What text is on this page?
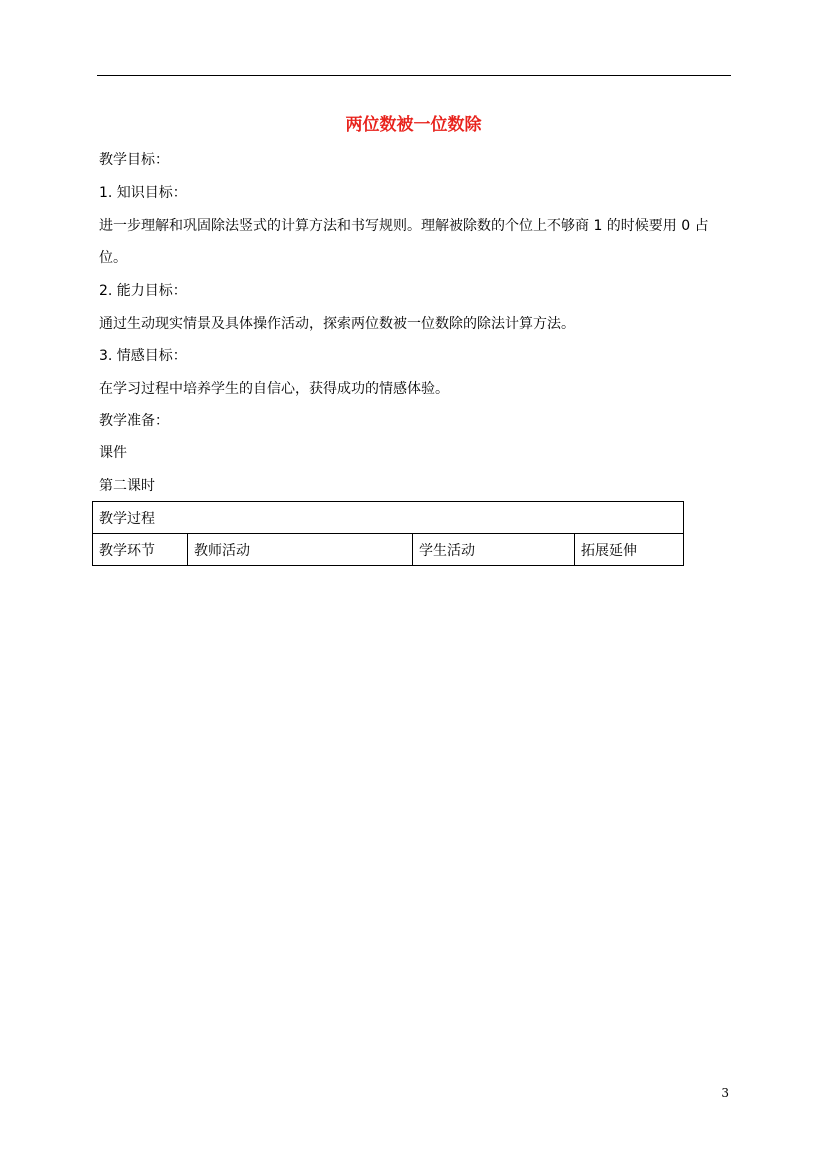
两位数被一位数除
教学目标：
1. 知识目标：
进一步理解和巩固除法竖式的计算方法和书写规则。理解被除数的个位上不够商 1 的时候要用 0 占位。
2. 能力目标：
通过生动现实情景及具体操作活动，探索两位数被一位数除的除法计算方法。
3. 情感目标：
在学习过程中培养学生的自信心，获得成功的情感体验。
教学准备：
课件
第二课时
教学过程
教学环节	教师活动	学生活动	拓展延伸
3
